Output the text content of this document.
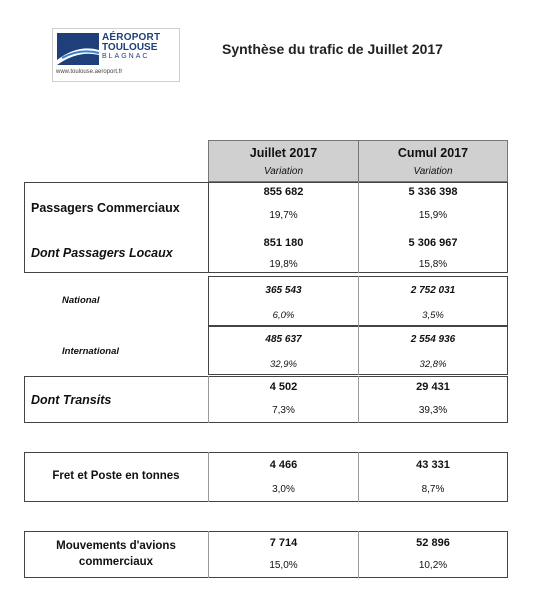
AÉROPORT
TOULOUSE
BLAGNAC
www.toulouse.aeroport.fr
Synthèse du trafic de Juillet 2017
Juillet 2017
Variation
Cumul 2017
Variation
Passagers Commerciaux
855 682
19,7%
5 336 398
15,9%
Dont Passagers Locaux
851 180
19,8%
5 306 967
15,8%
National
365 543
6,0%
2 752 031
3,5%
International
485 637
32,9%
2 554 936
32,8%
Dont Transits
4 502
7,3%
29 431
39,3%
Fret et Poste en tonnes
4 466
3,0%
43 331
8,7%
Mouvements d'avions
commerciaux
7 714
15,0%
52 896
10,2%
